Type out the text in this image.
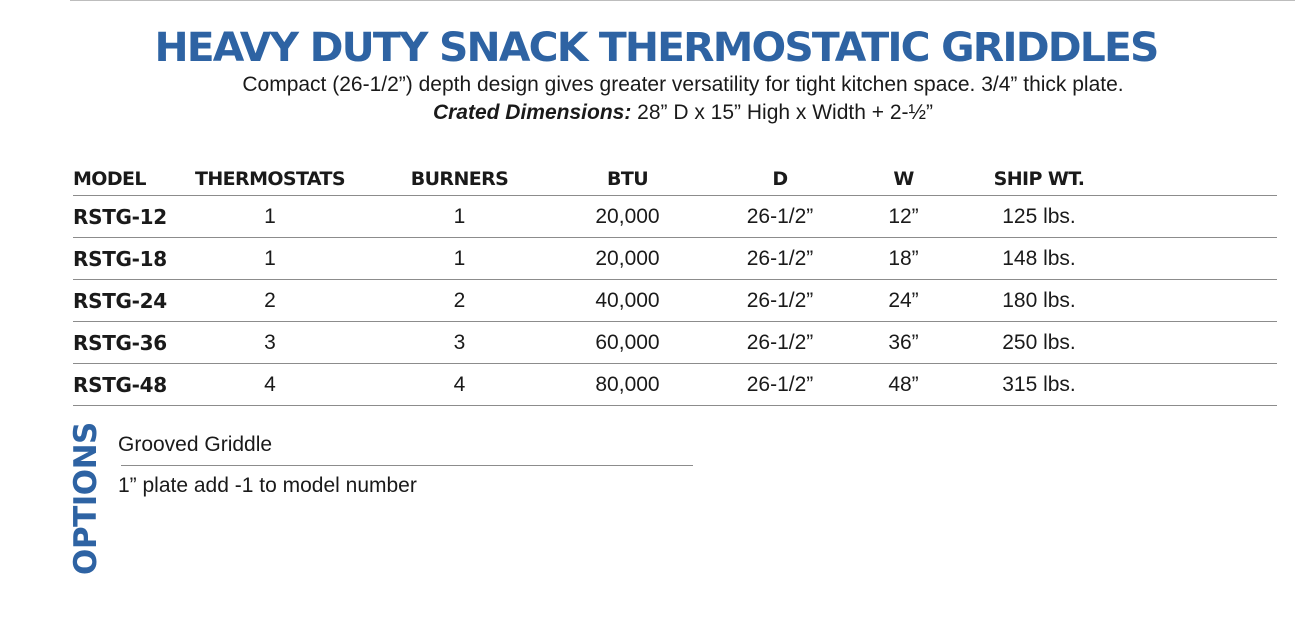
HEAVY DUTY SNACK THERMOSTATIC GRIDDLES

Compact (26-1/2”) depth design gives greater versatility for tight kitchen space. 3/4” thick plate.

Crated Dimensions: 28” D x 15” High x Width + 2-½”

MODEL	THERMOSTATS	BURNERS	BTU	D	W	SHIP WT.	
RSTG-12	1	1	20,000	26-1/2”	12”	125 lbs.	
RSTG-18	1	1	20,000	26-1/2”	18”	148 lbs.	
RSTG-24	2	2	40,000	26-1/2”	24”	180 lbs.	
RSTG-36	3	3	60,000	26-1/2”	36”	250 lbs.	
RSTG-48	4	4	80,000	26-1/2”	48”	315 lbs.	
OPTIONS Grooved Griddle
1” plate add -1 to model number
